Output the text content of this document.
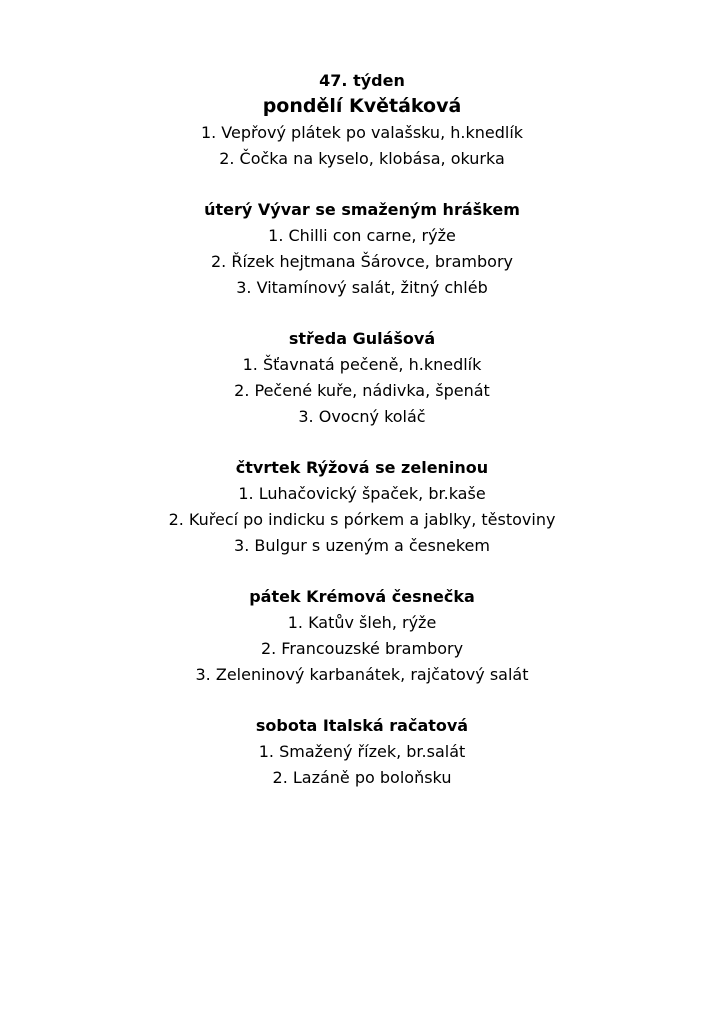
47. týden
pondělí Květáková
1. Vepřový plátek po valašsku, h.knedlík
2. Čočka na kyselo, klobása, okurka
úterý Vývar se smaženým hráškem
1. Chilli con carne, rýže
2. Řízek hejtmana Šárovce, brambory
3. Vitamínový salát, žitný chléb
středa Gulášová
1. Šťavnatá pečeně, h.knedlík
2. Pečené kuře, nádivka, špenát
3. Ovocný koláč
čtvrtek Rýžová se zeleninou
1. Luhačovický špaček, br.kaše
2. Kuřecí po indicku s pórkem a jablky, těstoviny
3. Bulgur s uzeným a česnekem
pátek Krémová česnečka
1. Katův šleh, rýže
2. Francouzské brambory
3. Zeleninový karbanátek, rajčatový salát
sobota Italská račatová
1. Smažený řízek, br.salát
2. Lazáně po boloňsku
